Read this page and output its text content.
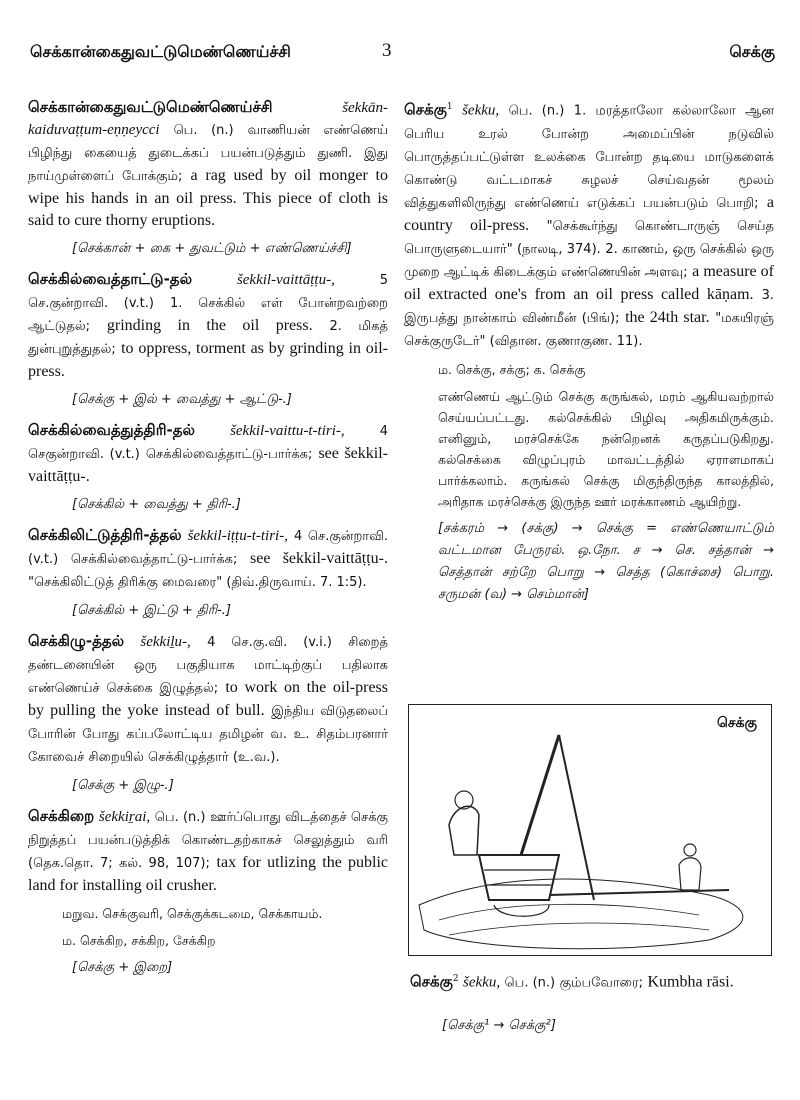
செக்கான்கைதுவட்டுமெண்ணெய்ச்சி	3	செக்கு
செக்கான்கைதுவட்டுமெண்ணெய்ச்சி	šekkān-kaiduvaṭṭum-eṇṇeycci பெ. (n.) வாணியன் எண்ணெய் பிழிந்து கையைத் துடைக்கப் பயன்படுத்தும் துணி. இது நாய்முள்ளைப் போக்கும்; a rag used by oil monger to wipe his hands in an oil press. This piece of cloth is said to cure thorny eruptions.
[செக்கான் + கை + துவட்டும் + எண்ணெய்ச்சி]
செக்கில்வைத்தாட்டு-தல்	šekkil-vaittāṭṭu-,	5 செ.குன்றாவி. (v.t.) 1. செக்கில் எள் போன்றவற்றை ஆட்டுதல்; grinding in the oil press. 2. மிகத் துன்புறுத்துதல்; to oppress, torment as by grinding in oil-press.
[செக்கு + இல் + வைத்து + ஆட்டு-.]
செக்கில்வைத்துத்திரி-தல் šekkil-vaittu-t-tiri-,	4 செகுன்றாவி. (v.t.) செக்கில்வைத்தாட்டு-பார்க்க; see šekkil-vaittāṭṭu-.
[செக்கில் + வைத்து + திரி-.]
செக்கிலிட்டுத்திரி-த்தல் šekkil-iṭṭu-t-tiri-, 4 செ.குன்றாவி. (v.t.) செக்கில்வைத்தாட்டு-பார்க்க; see šekkil-vaittāṭṭu-. "செக்கிலிட்டுத் திரிக்கு மைவரை" (திவ்.திருவாய். 7. 1:5).
[செக்கில் + இட்டு + திரி-.]
செக்கிழு-த்தல் šekkiḻu-, 4 செ.கு.வி. (v.i.) சிறைத் தண்டனையின் ஒரு பகுதியாக மாட்டிற்குப் பதிலாக எண்ணெய்ச் செக்கை இழுத்தல்; to work on the oil-press by pulling the yoke instead of bull. இந்திய விடுதலைப் போரின் போது கப்பலோட்டிய தமிழன் வ. உ. சிதம்பரனார் கோவைச் சிறையில் செக்கிழுத்தார் (உ.வ.).
[செக்கு + இழு-.]
செக்கிறை šekkiṟai, பெ. (n.) ஊர்ப்பொது விடத்தைச் செக்கு நிறுத்தப் பயன்படுத்திக் கொண்டதற்காகச் செலுத்தும் வரி (தெக.தொ. 7; கல். 98, 107); tax for utlizing the public land for installing oil crusher.
மறுவ. செக்குவரி, செக்குக்கடமை, செக்காயம்.
ம. செக்கிற, சக்கிற, சேக்கிற
[செக்கு + இறை]
செக்கு$^1$ šekku, பெ. (n.) 1. மரத்தாலோ கல்லாலோ ஆன பெரிய உரல் போன்ற அமைப்பின் நடுவில் பொருத்தப்பட்டுள்ள உலக்கை போன்ற தடியை மாடுகளைக் கொண்டு வட்டமாகச் சுழலச் செய்வதன் மூலம் வித்துகளிலிருந்து எண்ணெய் எடுக்கப் பயன்படும் பொறி; a country oil-press. "செக்கூர்ந்து கொண்டாருஞ் செய்த பொருளுடையார்" (நாலடி, 374). 2. காணம், ஒரு செக்கில் ஒரு முறை ஆட்டிக் கிடைக்கும் எண்ணெயின் அளவு; a measure of oil extracted one's from an oil press called kāṇam. 3. இருபத்து நான்காம் விண்மீன் (பிங்); the 24th star. "மகயிரஞ் செக்குருடேர்" (விதான. குணாகுண. 11).
ம. செக்கு, சக்கு; க. செக்கு
எண்ணெய் ஆட்டும் செக்கு கருங்கல், மரம் ஆகியவற்றால் செய்யப்பட்டது. கல்செக்கில் பிழிவு அதிகமிருக்கும். எனினும், மரச்செக்கே நன்றெனக் கருதப்படுகிறது. கல்செக்கை விழுப்புரம் மாவட்டத்தில் ஏராளமாகப் பார்க்கலாம். கருங்கல் செக்கு மிகுந்திருந்த காலத்தில், அரிதாக மரச்செக்கு இருந்த ஊர் மரக்காணம் ஆயிற்று.
[சக்கரம் → (சக்கு) → செக்கு = எண்ணெயாட்டும் வட்டமான பேருரல். ஒ.நோ. ச → செ. சத்தான் → செத்தான் சற்றே பொறு → செத்த (கொச்சை) பொறு. சருமன் (வ) → செம்மான்]
செக்கு
செக்கு$^2$ šekku, பெ. (n.) கும்பவோரை; Kumbha rāsi.
[செக்கு¹ → செக்கு²]
